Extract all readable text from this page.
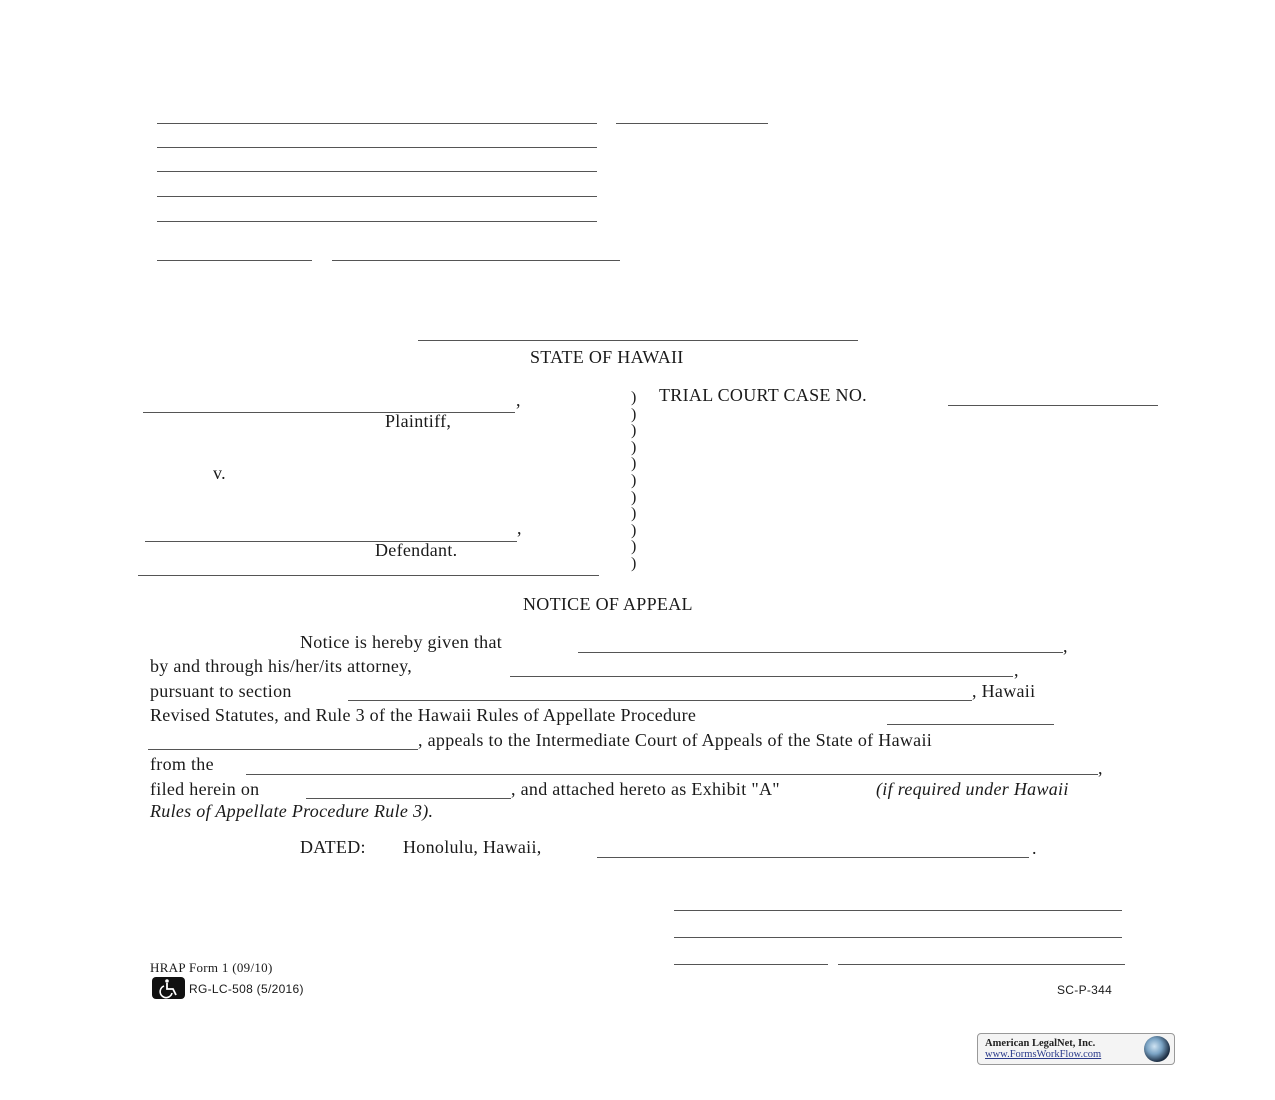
STATE OF HAWAII
,
Plaintiff,
v.
,
Defendant.
)
)
)
)
)
)
)
)
)
)
)
TRIAL COURT CASE NO.
NOTICE OF APPEAL
Notice is hereby given that	,
by and through his/her/its attorney,	,
pursuant to section	, Hawaii
Revised Statutes, and Rule 3 of the Hawaii Rules of Appellate Procedure
, appeals to the Intermediate Court of Appeals of the State of Hawaii
from the	,
filed herein on	, and attached hereto as Exhibit "A"	(if required under Hawaii
Rules of Appellate Procedure Rule 3).
DATED: Honolulu, Hawaii,	.
HRAP Form 1 (09/10)
RG-LC-508 (5/2016)	SC-P-344
American LegalNet, Inc.
www.FormsWorkFlow.com
